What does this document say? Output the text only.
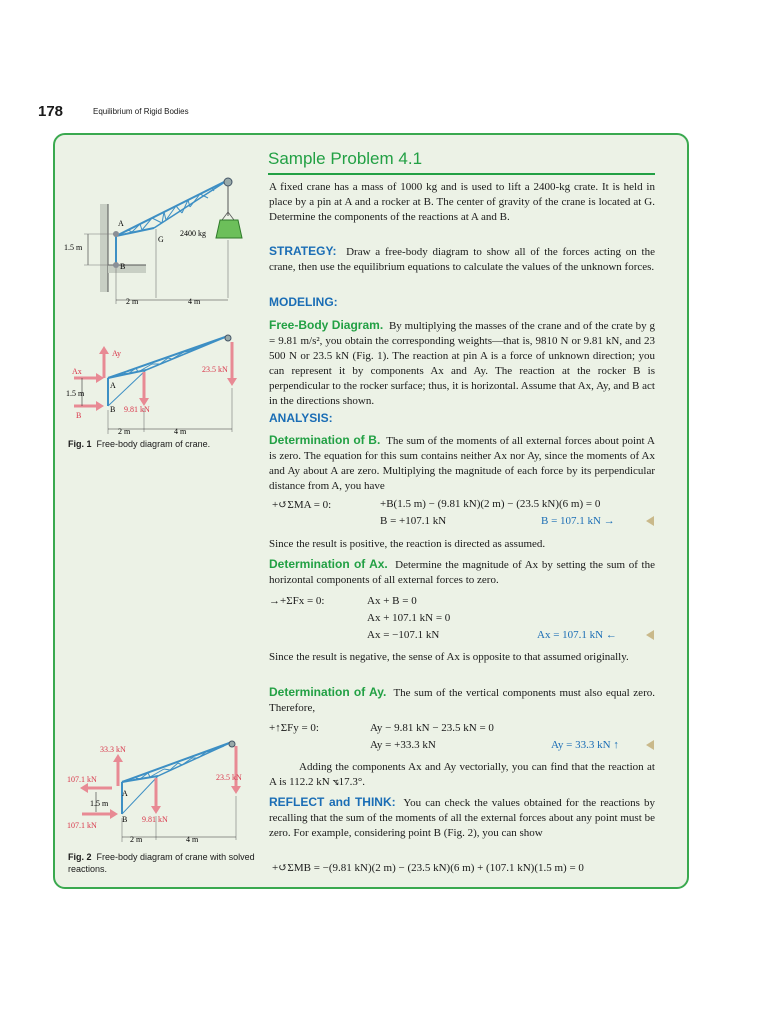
178	Equilibrium of Rigid Bodies
Sample Problem 4.1
A fixed crane has a mass of 1000 kg and is used to lift a 2400-kg crate. It is held in place by a pin at A and a rocker at B. The center of gravity of the crane is located at G. Determine the components of the reactions at A and B.
STRATEGY: Draw a free-body diagram to show all of the forces acting on the crane, then use the equilibrium equations to calculate the values of the unknown forces.
MODELING:
Free-Body Diagram. By multiplying the masses of the crane and of the crate by g = 9.81 m/s², you obtain the corresponding weights—that is, 9810 N or 9.81 kN, and 23 500 N or 23.5 kN (Fig. 1). The reaction at pin A is a force of unknown direction; you can represent it by components Ax and Ay. The reaction at the rocker B is perpendicular to the rocker surface; thus, it is horizontal. Assume that Ax, Ay, and B act in the directions shown.
ANALYSIS:
Determination of B. The sum of the moments of all external forces about point A is zero. The equation for this sum contains neither Ax nor Ay, since the moments of Ax and Ay about A are zero. Multiplying the magnitude of each force by its perpendicular distance from A, you have
+↺ΣMA = 0:	+B(1.5 m) − (9.81 kN)(2 m) − (23.5 kN)(6 m) = 0
B = +107.1 kN	B = 107.1 kN →
Since the result is positive, the reaction is directed as assumed.
Determination of Ax. Determine the magnitude of Ax by setting the sum of the horizontal components of all external forces to zero.
→+ΣFx = 0:	Ax + B = 0
Ax + 107.1 kN = 0
Ax = −107.1 kN	Ax = 107.1 kN ←
Since the result is negative, the sense of Ax is opposite to that assumed originally.
Determination of Ay. The sum of the vertical components must also equal zero. Therefore,
+↑ΣFy = 0:	Ay − 9.81 kN − 23.5 kN = 0
Ay = +33.3 kN	Ay = 33.3 kN ↑
Adding the components Ax and Ay vectorially, you can find that the reaction at A is 112.2 kN ⦪17.3°.
REFLECT and THINK: You can check the values obtained for the reactions by recalling that the sum of the moments of all the external forces about any point must be zero. For example, considering point B (Fig. 2), you can show
+↺ΣMB = −(9.81 kN)(2 m) − (23.5 kN)(6 m) + (107.1 kN)(1.5 m) = 0
A
B
G
2400 kg
1.5 m
2 m	4 m
Ay
Ax
B
A
B 9.81 kN
23.5 kN
1.5 m
2 m	4 m
Fig. 1 Free-body diagram of crane.
33.3 kN
107.1 kN
107.1 kN
A
B 9.81 kN
23.5 kN
1.5 m
2 m	4 m
Fig. 2 Free-body diagram of crane with solved reactions.
